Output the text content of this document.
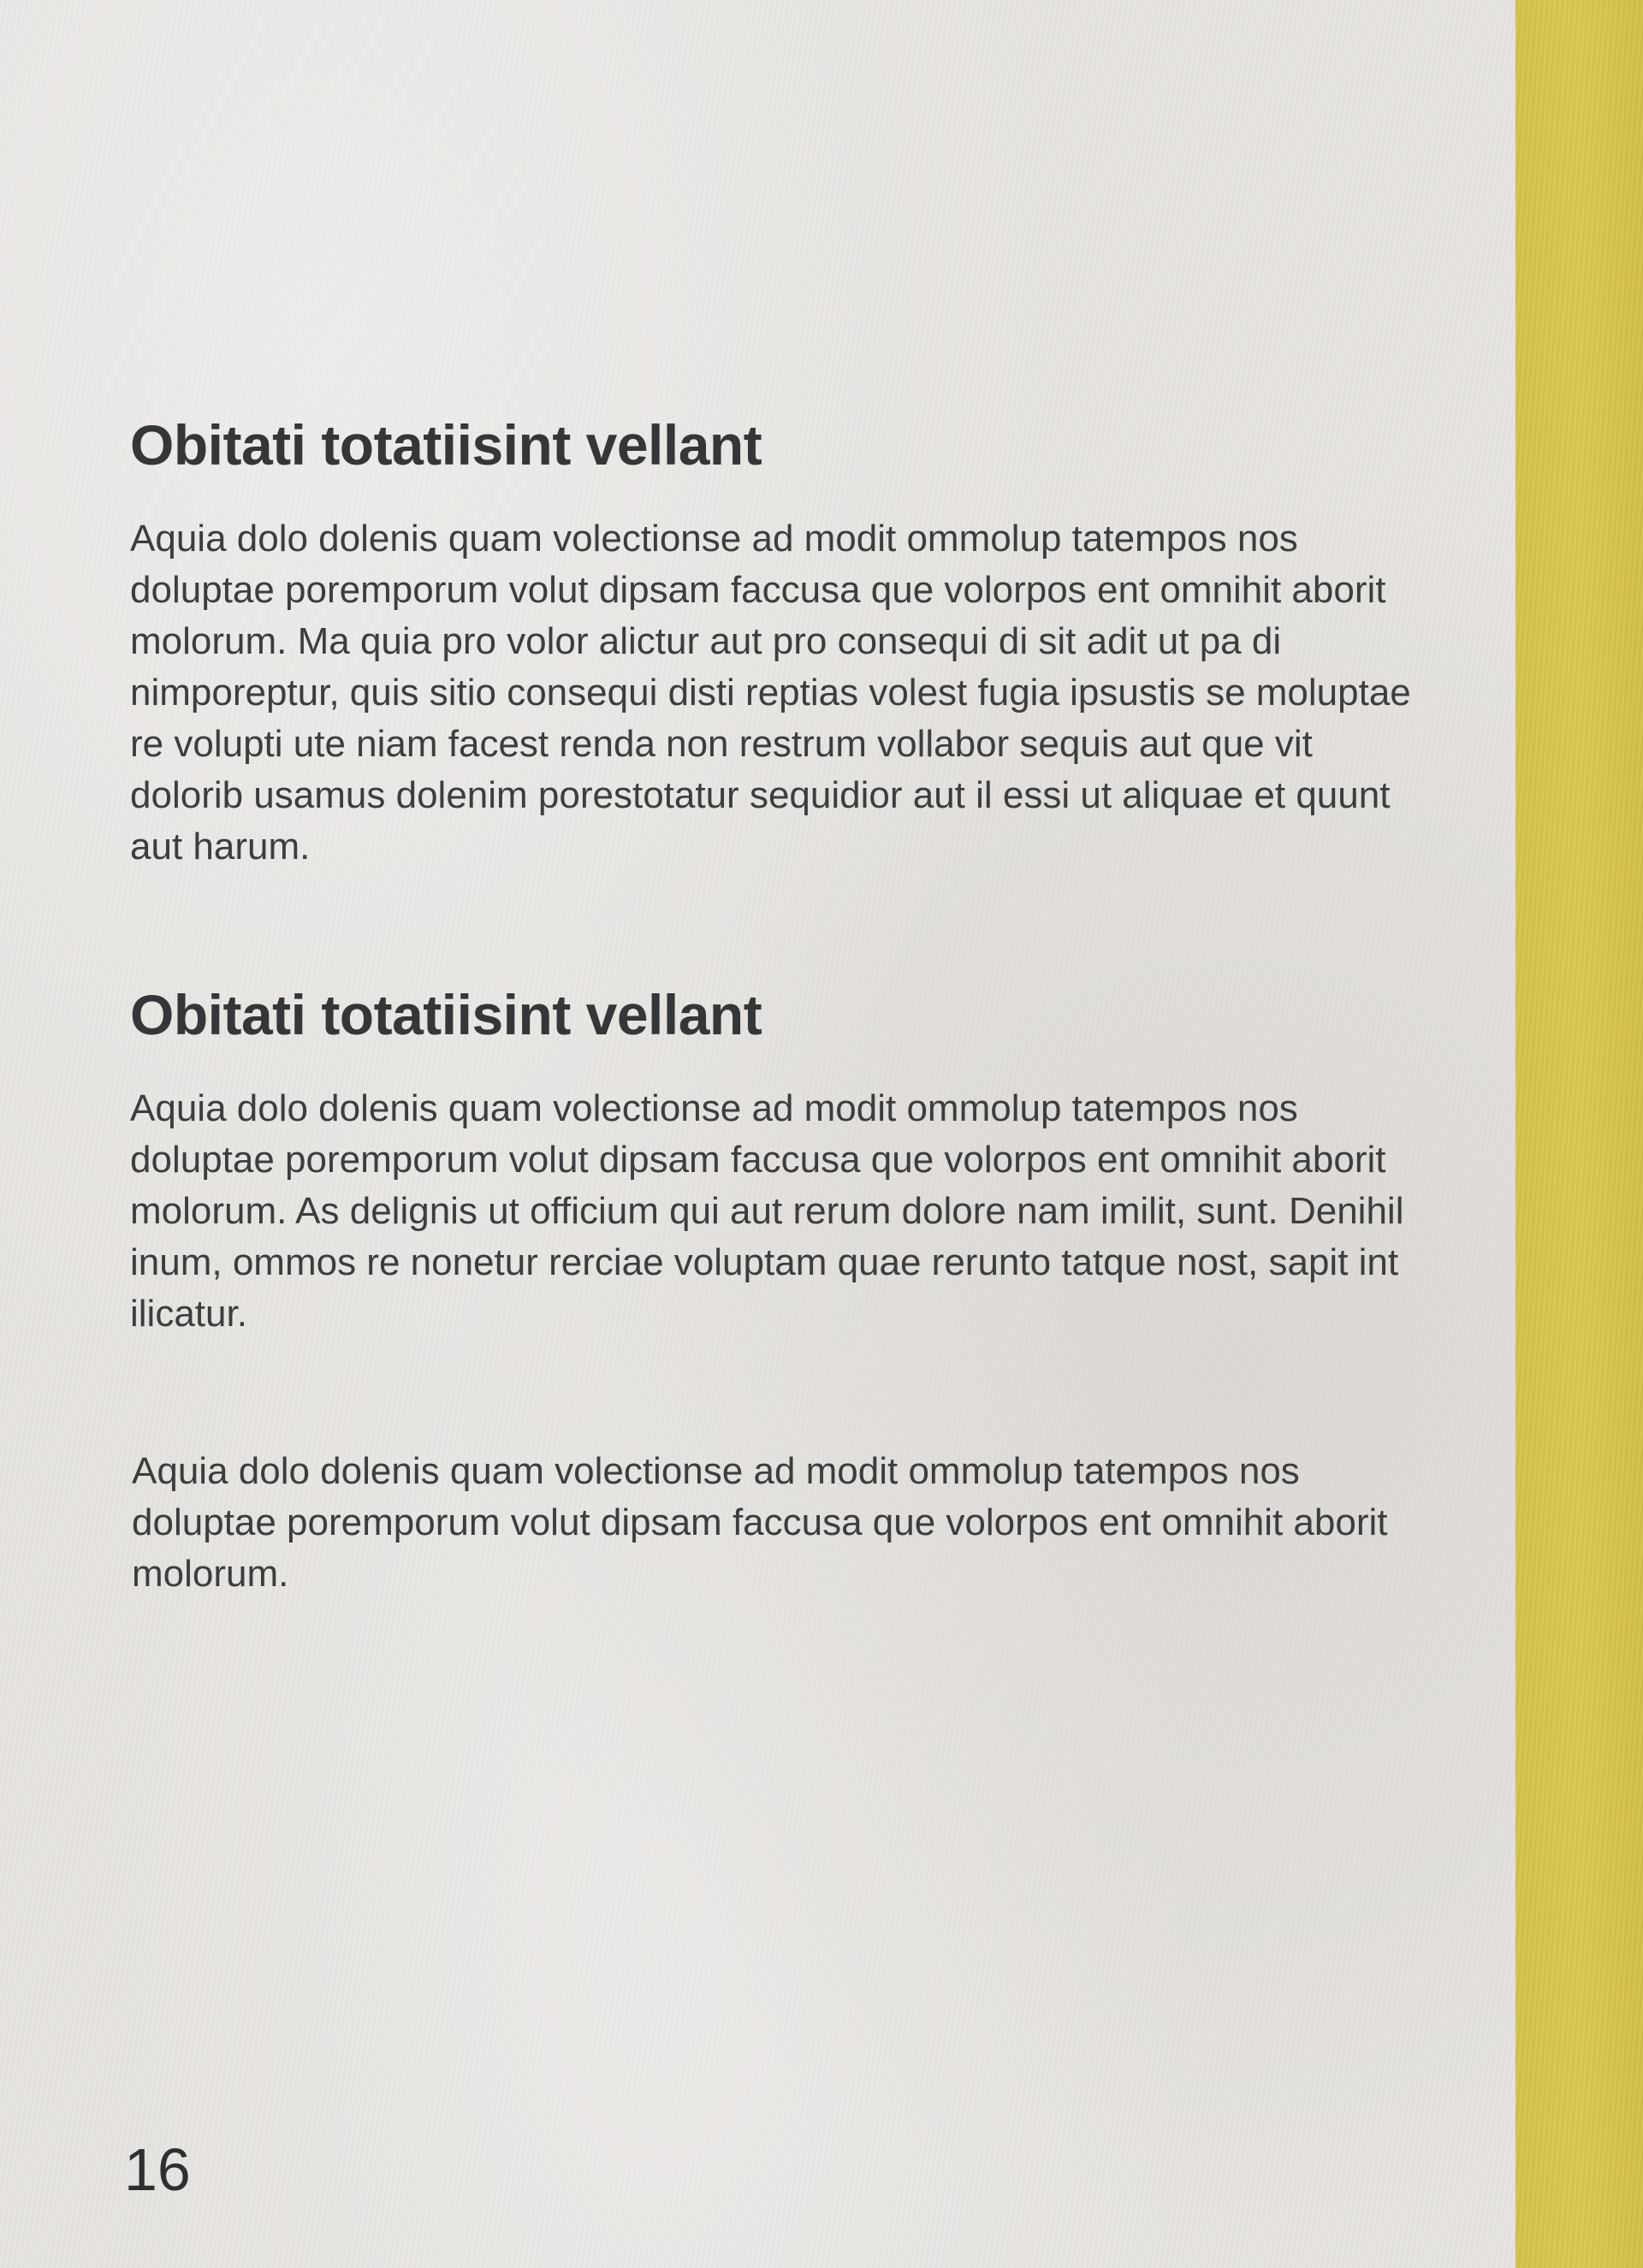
Obitati totatiisint vellant

Aquia dolo dolenis quam volectionse ad modit ommolup tatempos nos doluptae poremporum volut dipsam faccusa que volorpos ent omnihit aborit molorum. Ma quia pro volor alictur aut pro consequi di sit adit ut pa di nimporeptur, quis sitio consequi disti reptias volest fugia ipsustis se moluptae re volupti ute niam facest renda non restrum vollabor sequis aut que vit dolorib usamus dolenim porestotatur sequidior aut il essi ut aliquae et quunt aut harum.

Obitati totatiisint vellant

Aquia dolo dolenis quam volectionse ad modit ommolup tatempos nos doluptae poremporum volut dipsam faccusa que volorpos ent omnihit aborit molorum. As delignis ut officium qui aut rerum dolore nam imilit, sunt. Denihil inum, ommos re nonetur rerciae voluptam quae rerunto tatque nost, sapit int ilicatur.

Aquia dolo dolenis quam volectionse ad modit ommolup tatempos nos doluptae poremporum volut dipsam faccusa que volorpos ent omnihit aborit molorum.

16
